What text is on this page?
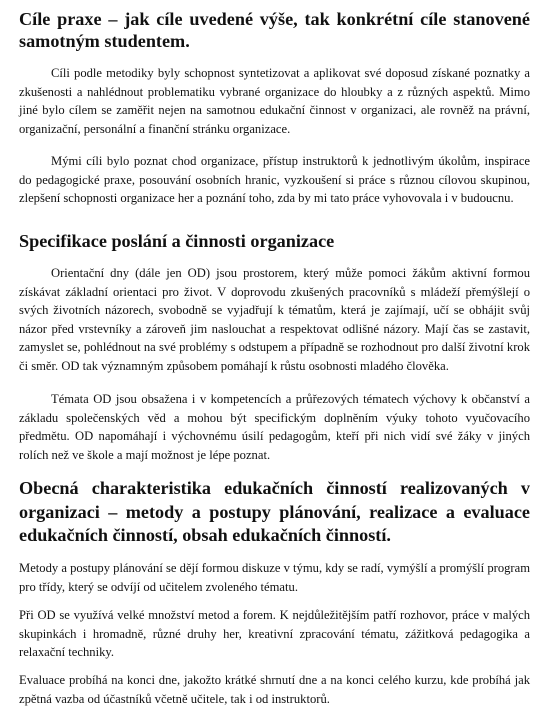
Cíle praxe – jak cíle uvedené výše, tak konkrétní cíle stanovené samotným studentem.

Cíli podle metodiky byly schopnost syntetizovat a aplikovat své doposud získané poznatky a zkušenosti a nahlédnout problematiku vybrané organizace do hloubky a z různých aspektů. Mimo jiné bylo cílem se zaměřit nejen na samotnou edukační činnost v organizaci, ale rovněž na právní, organizační, personální a finanční stránku organizace.

Mými cíli bylo poznat chod organizace, přístup instruktorů k jednotlivým úkolům, inspirace do pedagogické praxe, posouvání osobních hranic, vyzkoušení si práce s různou cílovou skupinou, zlepšení schopnosti organizace her a poznání toho, zda by mi tato práce vyhovovala i v budoucnu.

Specifikace poslání a činnosti organizace

Orientační dny (dále jen OD) jsou prostorem, který může pomoci žákům aktivní formou získávat základní orientaci pro život. V doprovodu zkušených pracovníků s mládeží přemýšlejí o svých životních názorech, svobodně se vyjadřují k tématům, která je zajímají, učí se obhájit svůj názor před vrstevníky a zároveň jim naslouchat a respektovat odlišné názory. Mají čas se zastavit, zamyslet se, pohlédnout na své problémy s odstupem a případně se rozhodnout pro další životní krok či směr. OD tak významným způsobem pomáhají k růstu osobnosti mladého člověka.

Témata OD jsou obsažena i v kompetencích a průřezových tématech výchovy k občanství a základu společenských věd a mohou být specifickým doplněním výuky tohoto vyučovacího předmětu. OD napomáhají i výchovnému úsilí pedagogům, kteří při nich vidí své žáky v jiných rolích než ve škole a mají možnost je lépe poznat.

Obecná charakteristika edukačních činností realizovaných v organizaci – metody a postupy plánování, realizace a evaluace edukačních činností, obsah edukačních činností.

Metody a postupy plánování se dějí formou diskuze v týmu, kdy se radí, vymýšlí a promýšlí program pro třídy, který se odvíjí od učitelem zvoleného tématu.

Při OD se využívá velké množství metod a forem. K nejdůležitějším patří rozhovor, práce v malých skupinkách i hromadně, různé druhy her, kreativní zpracování tématu, zážitková pedagogika a relaxační techniky.

Evaluace probíhá na konci dne, jakožto krátké shrnutí dne a na konci celého kurzu, kde probíhá jak zpětná vazba od účastníků včetně učitele, tak i od instruktorů.
